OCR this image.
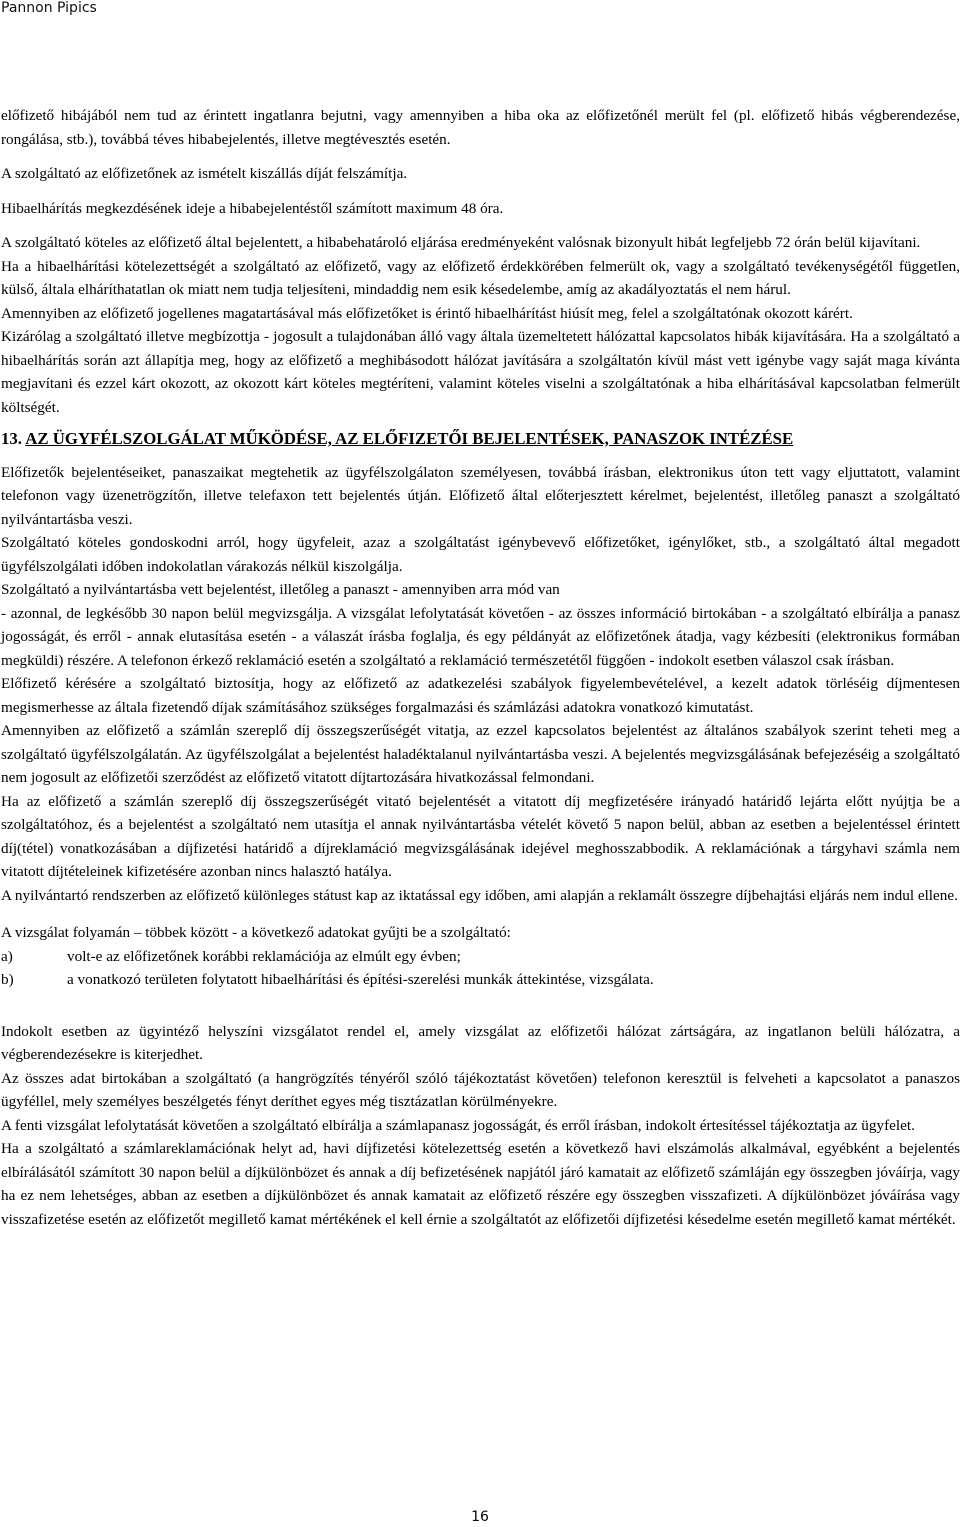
Pannon Pipics

előfizető hibájából nem tud az érintett ingatlanra bejutni, vagy amennyiben a hiba oka az előfizetőnél merült fel (pl. előfizető hibás végberendezése, rongálása, stb.), továbbá téves hibabejelentés, illetve megtévesztés esetén.

A szolgáltató az előfizetőnek az ismételt kiszállás díját felszámítja.

Hibaelhárítás megkezdésének ideje a hibabejelentéstől számított maximum 48 óra.

A szolgáltató köteles az előfizető által bejelentett, a hibabehatároló eljárása eredményeként valósnak bizonyult hibát legfeljebb 72 órán belül kijavítani.

Ha a hibaelhárítási kötelezettségét a szolgáltató az előfizető, vagy az előfizető érdekkörében felmerült ok, vagy a szolgáltató tevékenységétől független, külső, általa elháríthatatlan ok miatt nem tudja teljesíteni, mindaddig nem esik késedelembe, amíg az akadályoztatás el nem hárul.

Amennyiben az előfizető jogellenes magatartásával más előfizetőket is érintő hibaelhárítást hiúsít meg, felel a szolgáltatónak okozott kárért.

Kizárólag a szolgáltató illetve megbízottja - jogosult a tulajdonában álló vagy általa üzemeltetett hálózattal kapcsolatos hibák kijavítására. Ha a szolgáltató a hibaelhárítás során azt állapítja meg, hogy az előfizető a meghibásodott hálózat javítására a szolgáltatón kívül mást vett igénybe vagy saját maga kívánta megjavítani és ezzel kárt okozott, az okozott kárt köteles megtéríteni, valamint köteles viselni a szolgáltatónak a hiba elhárításával kapcsolatban felmerült költségét.

13. AZ ÜGYFÉLSZOLGÁLAT MŰKÖDÉSE, AZ ELŐFIZETŐI BEJELENTÉSEK, PANASZOK INTÉZÉSE

Előfizetők bejelentéseiket, panaszaikat megtehetik az ügyfélszolgálaton személyesen, továbbá írásban, elektronikus úton tett vagy eljuttatott, valamint telefonon vagy üzenetrögzítőn, illetve telefaxon tett bejelentés útján. Előfizető által előterjesztett kérelmet, bejelentést, illetőleg panaszt a szolgáltató nyilvántartásba veszi.

Szolgáltató köteles gondoskodni arról, hogy ügyfeleit, azaz a szolgáltatást igénybevevő előfizetőket, igénylőket, stb., a szolgáltató által megadott ügyfélszolgálati időben indokolatlan várakozás nélkül kiszolgálja.

Szolgáltató a nyilvántartásba vett bejelentést, illetőleg a panaszt - amennyiben arra mód van

- azonnal, de legkésőbb 30 napon belül megvizsgálja. A vizsgálat lefolytatását követően - az összes információ birtokában - a szolgáltató elbírálja a panasz jogosságát, és erről - annak elutasítása esetén - a válaszát írásba foglalja, és egy példányát az előfizetőnek átadja, vagy kézbesíti (elektronikus formában megküldi) részére. A telefonon érkező reklamáció esetén a szolgáltató a reklamáció természetétől függően - indokolt esetben válaszol csak írásban.

Előfizető kérésére a szolgáltató biztosítja, hogy az előfizető az adatkezelési szabályok figyelembevételével, a kezelt adatok törléséig díjmentesen megismerhesse az általa fizetendő díjak számításához szükséges forgalmazási és számlázási adatokra vonatkozó kimutatást.

Amennyiben az előfizető a számlán szereplő díj összegszerűségét vitatja, az ezzel kapcsolatos bejelentést az általános szabályok szerint teheti meg a szolgáltató ügyfélszolgálatán. Az ügyfélszolgálat a bejelentést haladéktalanul nyilvántartásba veszi. A bejelentés megvizsgálásának befejezéséig a szolgáltató nem jogosult az előfizetői szerződést az előfizető vitatott díjtartozására hivatkozással felmondani.

Ha az előfizető a számlán szereplő díj összegszerűségét vitató bejelentését a vitatott díj megfizetésére irányadó határidő lejárta előtt nyújtja be a szolgáltatóhoz, és a bejelentést a szolgáltató nem utasítja el annak nyilvántartásba vételét követő 5 napon belül, abban az esetben a bejelentéssel érintett díj(tétel) vonatkozásában a díjfizetési határidő a díjreklamáció megvizsgálásának idejével meghosszabbodik. A reklamációnak a tárgyhavi számla nem vitatott díjtételeinek kifizetésére azonban nincs halasztó hatálya.

A nyilvántartó rendszerben az előfizető különleges státust kap az iktatással egy időben, ami alapján a reklamált összegre díjbehajtási eljárás nem indul ellene.

A vizsgálat folyamán – többek között - a következő adatokat gyűjti be a szolgáltató:

a)	volt-e az előfizetőnek korábbi reklamációja az elmúlt egy évben;
b)	a vonatkozó területen folytatott hibaelhárítási és építési-szerelési munkák áttekintése, vizsgálata.

Indokolt esetben az ügyintéző helyszíni vizsgálatot rendel el, amely vizsgálat az előfizetői hálózat zártságára, az ingatlanon belüli hálózatra, a végberendezésekre is kiterjedhet.

Az összes adat birtokában a szolgáltató (a hangrögzítés tényéről szóló tájékoztatást követően) telefonon keresztül is felveheti a kapcsolatot a panaszos ügyféllel, mely személyes beszélgetés fényt deríthet egyes még tisztázatlan körülményekre.

A fenti vizsgálat lefolytatását követően a szolgáltató elbírálja a számlapanasz jogosságát, és erről írásban, indokolt értesítéssel tájékoztatja az ügyfelet.

Ha a szolgáltató a számlareklamációnak helyt ad, havi díjfizetési kötelezettség esetén a következő havi elszámolás alkalmával, egyébként a bejelentés elbírálásától számított 30 napon belül a díjkülönbözet és annak a díj befizetésének napjától járó kamatait az előfizető számláján egy összegben jóváírja, vagy ha ez nem lehetséges, abban az esetben a díjkülönbözet és annak kamatait az előfizető részére egy összegben visszafizeti. A díjkülönbözet jóváírása vagy visszafizetése esetén az előfizetőt megillető kamat mértékének el kell érnie a szolgáltatót az előfizetői díjfizetési késedelme esetén megillető kamat mértékét.

16
